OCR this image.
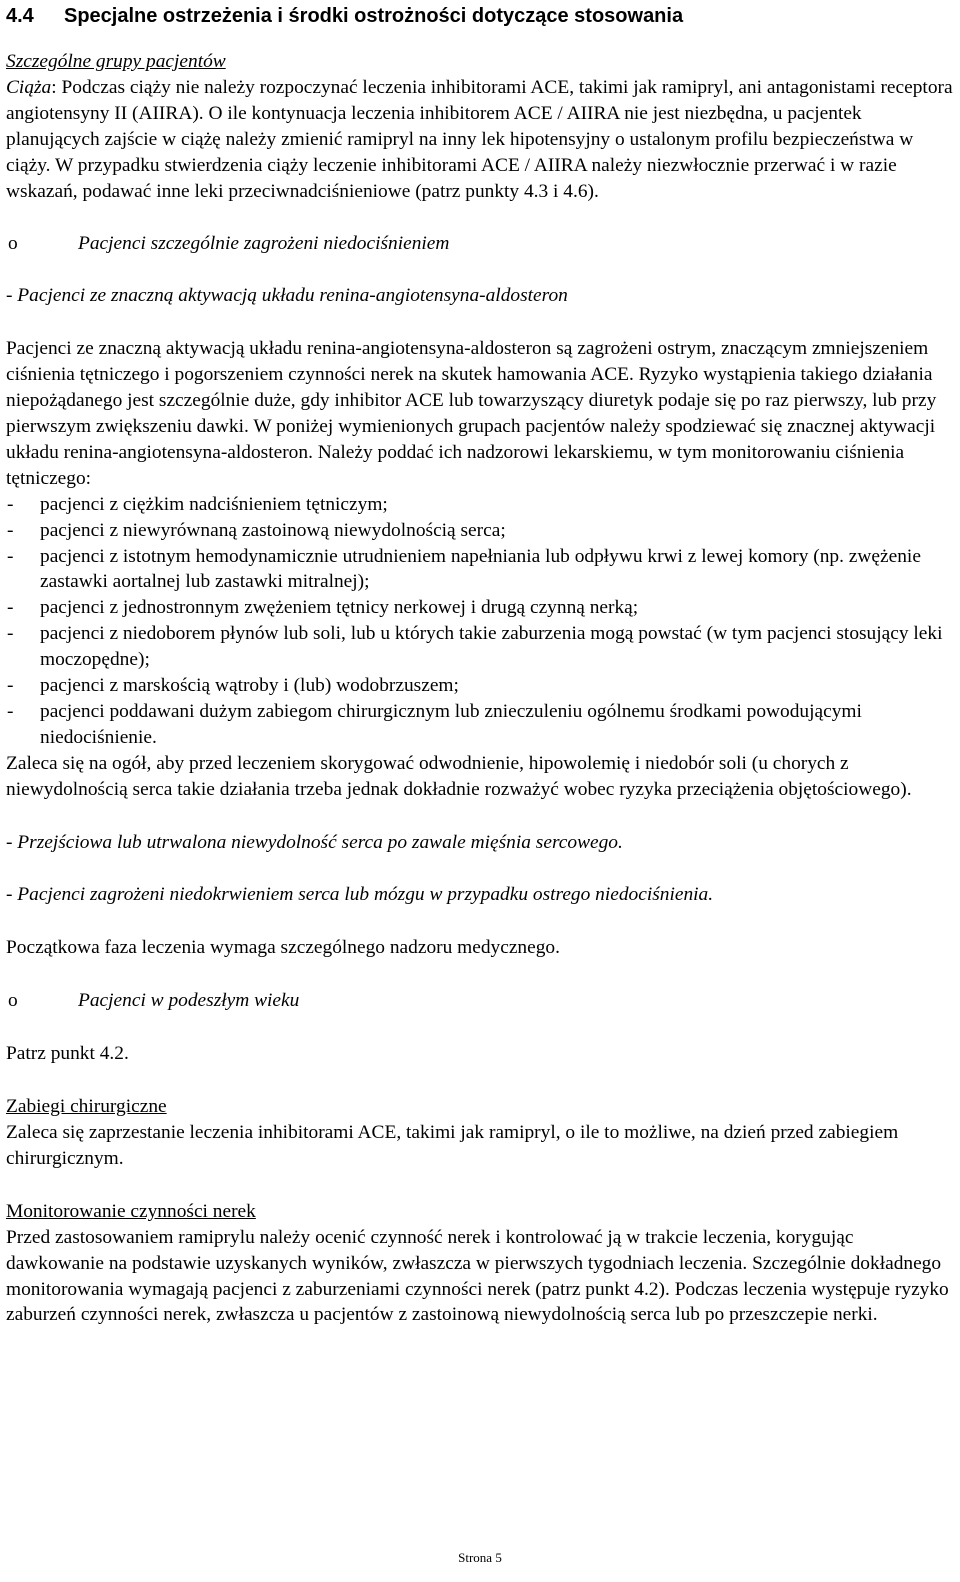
4.4 Specjalne ostrzeżenia i środki ostrożności dotyczące stosowania

Szczególne grupy pacjentów

Ciąża: Podczas ciąży nie należy rozpoczynać leczenia inhibitorami ACE, takimi jak ramipryl, ani antagonistami receptora angiotensyny II (AIIRA). O ile kontynuacja leczenia inhibitorem ACE / AIIRA nie jest niezbędna, u pacjentek planujących zajście w ciążę należy zmienić ramipryl na inny lek hipotensyjny o ustalonym profilu bezpieczeństwa w ciąży. W przypadku stwierdzenia ciąży leczenie inhibitorami ACE / AIIRA należy niezwłocznie przerwać i w razie wskazań, podawać inne leki przeciwnadciśnieniowe (patrz punkty 4.3 i 4.6).

o	Pacjenci szczególnie zagrożeni niedociśnieniem

- Pacjenci ze znaczną aktywacją układu renina-angiotensyna-aldosteron

Pacjenci ze znaczną aktywacją układu renina-angiotensyna-aldosteron są zagrożeni ostrym, znaczącym zmniejszeniem ciśnienia tętniczego i pogorszeniem czynności nerek na skutek hamowania ACE. Ryzyko wystąpienia takiego działania niepożądanego jest szczególnie duże, gdy inhibitor ACE lub towarzyszący diuretyk podaje się po raz pierwszy, lub przy pierwszym zwiększeniu dawki. W poniżej wymienionych grupach pacjentów należy spodziewać się znacznej aktywacji układu renina-angiotensyna-aldosteron. Należy poddać ich nadzorowi lekarskiemu, w tym monitorowaniu ciśnienia tętniczego:

-	pacjenci z ciężkim nadciśnieniem tętniczym;
-	pacjenci z niewyrównaną zastoinową niewydolnością serca;
-	pacjenci z istotnym hemodynamicznie utrudnieniem napełniania lub odpływu krwi z lewej komory (np. zwężenie zastawki aortalnej lub zastawki mitralnej);
-	pacjenci z jednostronnym zwężeniem tętnicy nerkowej i drugą czynną nerką;
-	pacjenci z niedoborem płynów lub soli, lub u których takie zaburzenia mogą powstać (w tym pacjenci stosujący leki moczopędne);
-	pacjenci z marskością wątroby i (lub) wodobrzuszem;
-	pacjenci poddawani dużym zabiegom chirurgicznym lub znieczuleniu ogólnemu środkami powodującymi niedociśnienie.

Zaleca się na ogół, aby przed leczeniem skorygować odwodnienie, hipowolemię i niedobór soli (u chorych z niewydolnością serca takie działania trzeba jednak dokładnie rozważyć wobec ryzyka przeciążenia objętościowego).

- Przejściowa lub utrwalona niewydolność serca po zawale mięśnia sercowego.

- Pacjenci zagrożeni niedokrwieniem serca lub mózgu w przypadku ostrego niedociśnienia.

Początkowa faza leczenia wymaga szczególnego nadzoru medycznego.

o	Pacjenci w podeszłym wieku

Patrz punkt 4.2.

Zabiegi chirurgiczne

Zaleca się zaprzestanie leczenia inhibitorami ACE, takimi jak ramipryl, o ile to możliwe, na dzień przed zabiegiem chirurgicznym.

Monitorowanie czynności nerek

Przed zastosowaniem ramiprylu należy ocenić czynność nerek i kontrolować ją w trakcie leczenia, korygując dawkowanie na podstawie uzyskanych wyników, zwłaszcza w pierwszych tygodniach leczenia. Szczególnie dokładnego monitorowania wymagają pacjenci z zaburzeniami czynności nerek (patrz punkt 4.2). Podczas leczenia występuje ryzyko zaburzeń czynności nerek, zwłaszcza u pacjentów z zastoinową niewydolnością serca lub po przeszczepie nerki.

Strona 5
